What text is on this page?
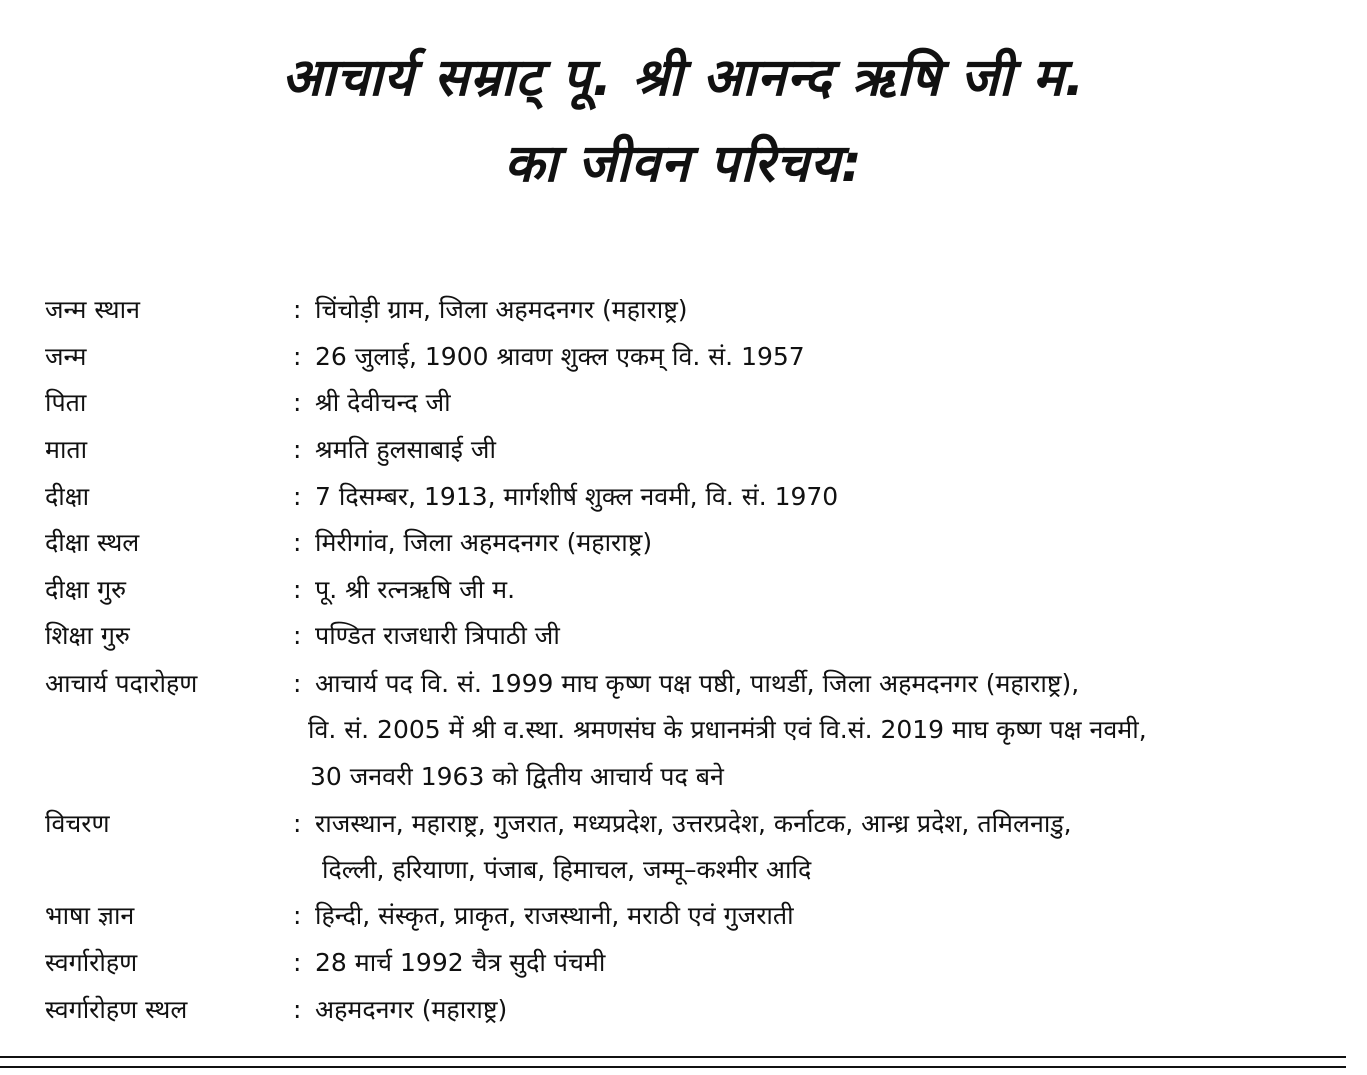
आचार्य सम्राट् पू. श्री आनन्द ऋषि जी म.
का जीवन परिचय:
जन्म स्थान	: चिंचोड़ी ग्राम, जिला अहमदनगर (महाराष्ट्र)
जन्म	: 26 जुलाई, 1900 श्रावण शुक्ल एकम् वि. सं. 1957
पिता	: श्री देवीचन्द जी
माता	: श्रमति हुलसाबाई जी
दीक्षा	: 7 दिसम्बर, 1913, मार्गशीर्ष शुक्ल नवमी, वि. सं. 1970
दीक्षा स्थल	: मिरीगांव, जिला अहमदनगर (महाराष्ट्र)
दीक्षा गुरु	: पू. श्री रत्नऋषि जी म.
शिक्षा गुरु	: पण्डित राजधारी त्रिपाठी जी
आचार्य पदारोहण	: आचार्य पद वि. सं. 1999 माघ कृष्ण पक्ष पष्ठी, पाथर्डी, जिला अहमदनगर (महाराष्ट्र),
वि. सं. 2005 में श्री व.स्था. श्रमणसंघ के प्रधानमंत्री एवं वि.सं. 2019 माघ कृष्ण पक्ष नवमी,
30 जनवरी 1963 को द्वितीय आचार्य पद बने
विचरण	: राजस्थान, महाराष्ट्र, गुजरात, मध्यप्रदेश, उत्तरप्रदेश, कर्नाटक, आन्ध्र प्रदेश, तमिलनाडु,
दिल्ली, हरियाणा, पंजाब, हिमाचल, जम्मू–कश्मीर आदि
भाषा ज्ञान	: हिन्दी, संस्कृत, प्राकृत, राजस्थानी, मराठी एवं गुजराती
स्वर्गारोहण	: 28 मार्च 1992 चैत्र सुदी पंचमी
स्वर्गारोहण स्थल	: अहमदनगर (महाराष्ट्र)
